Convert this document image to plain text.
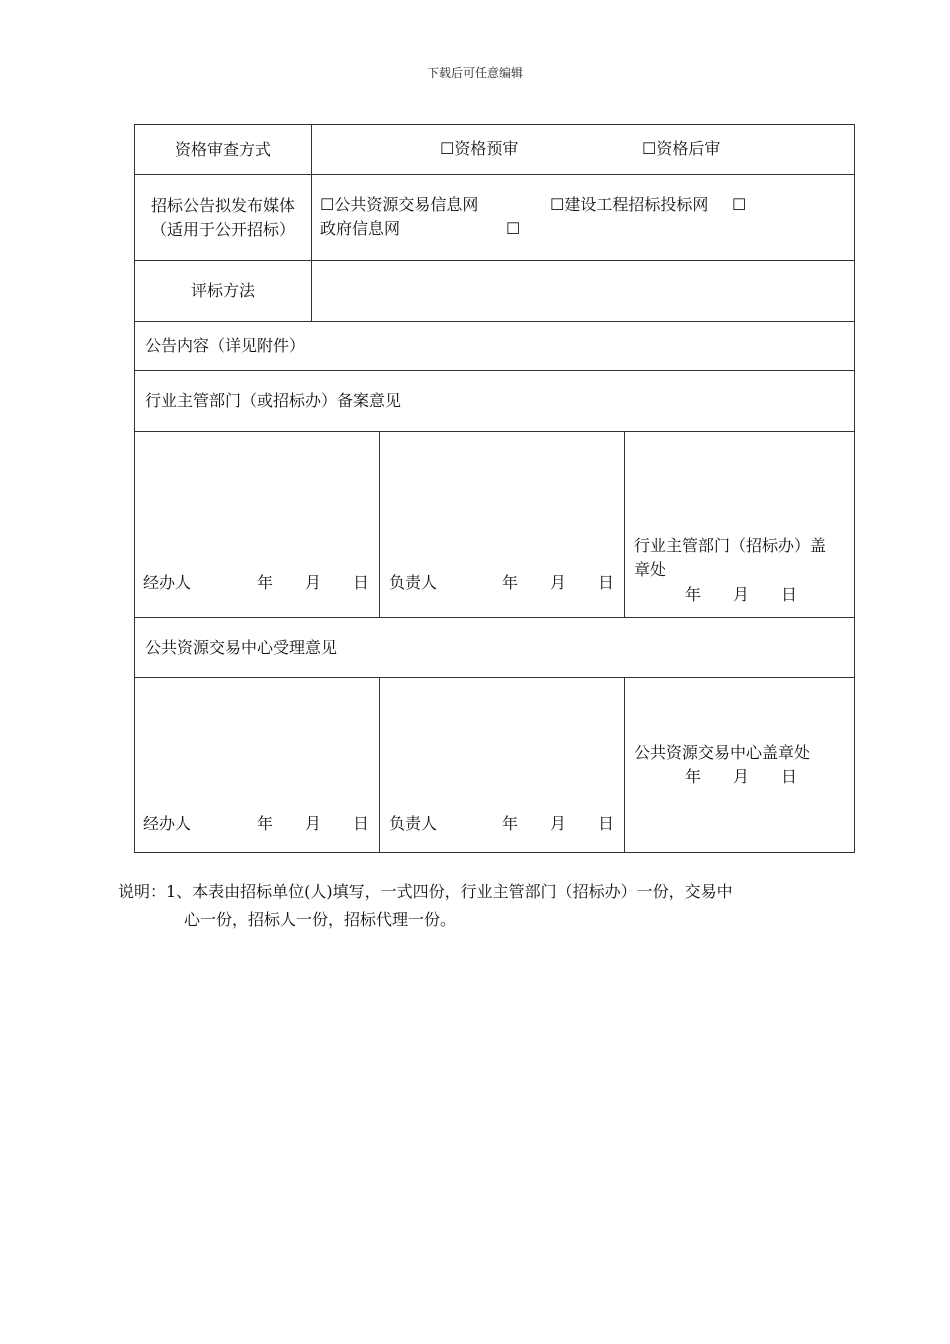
下载后可任意编辑
资格审查方式	☐资格预审	☐资格后审
招标公告拟发布媒体
（适用于公开招标）
☐公共资源交易信息网	☐建设工程招标投标网 ☐
政府信息网	☐
评标方法
公告内容（详见附件）
行业主管部门（或招标办）备案意见
经办人	年　　月　　日 负责人	年　　月　　日
行业主管部门（招标办）盖
章处
年　　月　　日
公共资源交易中心受理意见
经办人	年　　月　　日 负责人	年　　月　　日
公共资源交易中心盖章处
年　　月　　日
说明：1、本表由招标单位(人)填写，一式四份，行业主管部门（招标办）一份，交易中
心一份，招标人一份，招标代理一份。
